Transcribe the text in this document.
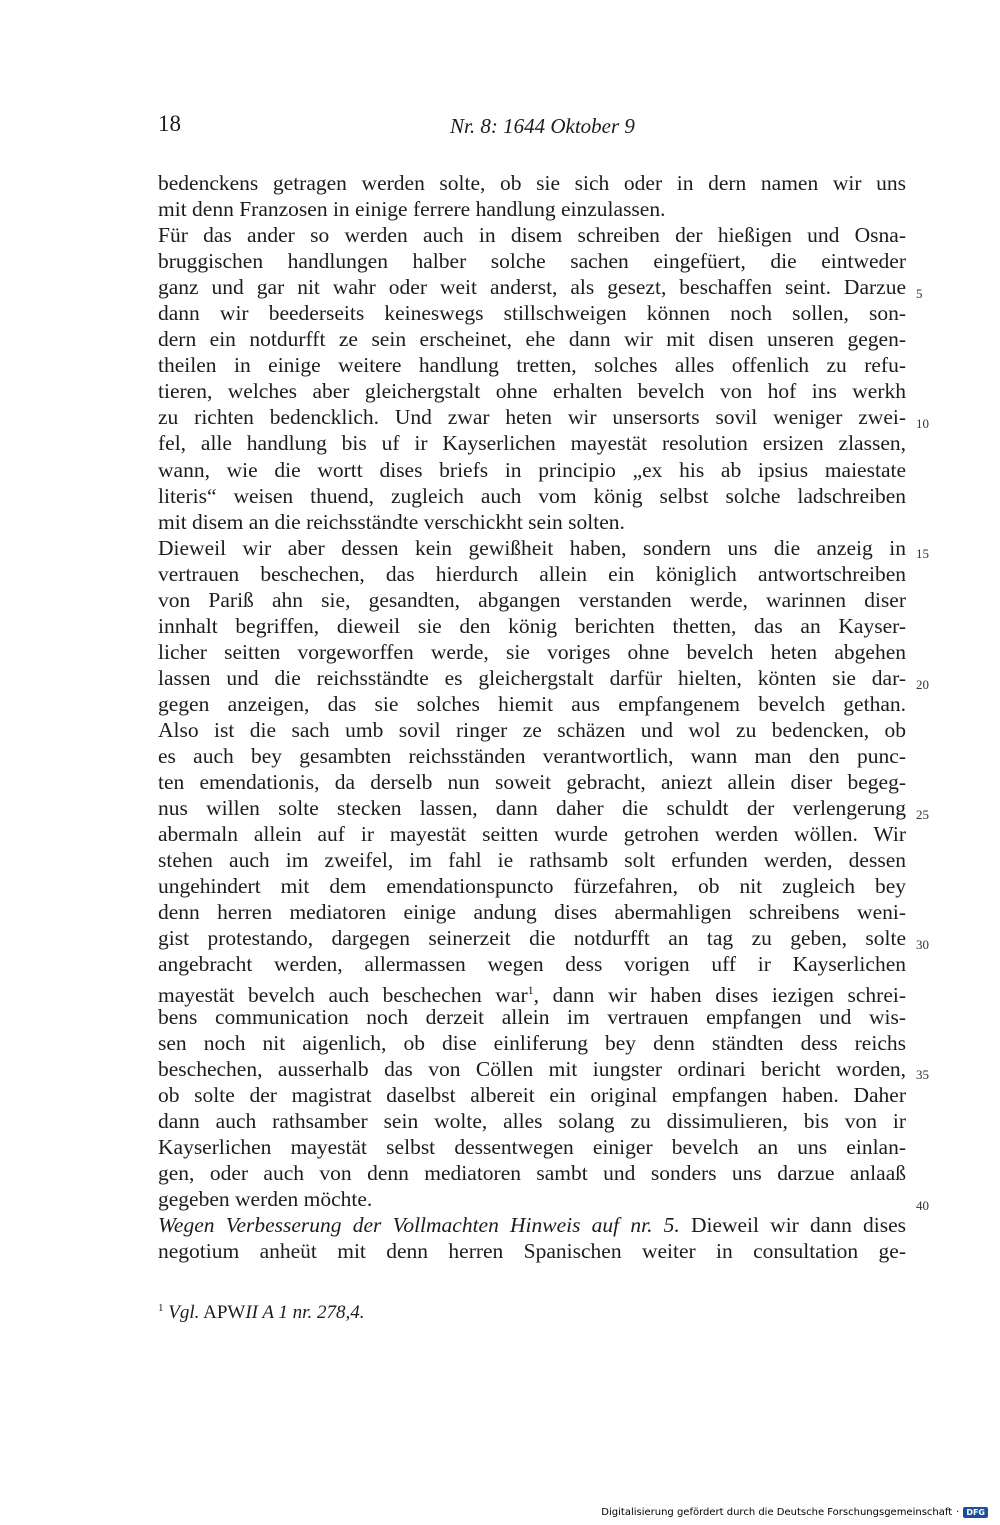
18	Nr. 8: 1644 Oktober 9
bedenckens getragen werden solte, ob sie sich oder in dern namen wir uns
mit denn Franzosen in einige ferrere handlung einzulassen.
Für das ander so werden auch in disem schreiben der hießigen und Osna-
bruggischen handlungen halber solche sachen eingefüert, die eintweder
ganz und gar nit wahr oder weit anderst, als gesezt, beschaffen seint. Darzue
dann wir beederseits keineswegs stillschweigen können noch sollen, son-
dern ein notdurfft ze sein erscheinet, ehe dann wir mit disen unseren gegen-
theilen in einige weitere handlung tretten, solches alles offenlich zu refu-
tieren, welches aber gleichergstalt ohne erhalten bevelch von hof ins werkh
zu richten bedencklich. Und zwar heten wir unsersorts sovil weniger zwei-
fel, alle handlung bis uf ir Kayserlichen mayestät resolution ersizen zlassen,
wann, wie die wortt dises briefs in principio „ex his ab ipsius maiestate
literis“ weisen thuend, zugleich auch vom könig selbst solche ladschreiben
mit disem an die reichsständte verschickht sein solten.
Dieweil wir aber dessen kein gewißheit haben, sondern uns die anzeig in
vertrauen beschechen, das hierdurch allein ein königlich antwortschreiben
von Pariß ahn sie, gesandten, abgangen verstanden werde, warinnen diser
innhalt begriffen, dieweil sie den könig berichten thetten, das an Kayser-
licher seitten vorgeworffen werde, sie voriges ohne bevelch heten abgehen
lassen und die reichsständte es gleichergstalt darfür hielten, könten sie dar-
gegen anzeigen, das sie solches hiemit aus empfangenem bevelch gethan.
Also ist die sach umb sovil ringer ze schäzen und wol zu bedencken, ob
es auch bey gesambten reichsständen verantwortlich, wann man den punc-
ten emendationis, da derselb nun soweit gebracht, aniezt allein diser begeg-
nus willen solte stecken lassen, dann daher die schuldt der verlengerung
abermaln allein auf ir mayestät seitten wurde getrohen werden wöllen. Wir
stehen auch im zweifel, im fahl ie rathsamb solt erfunden werden, dessen
ungehindert mit dem emendationspuncto fürzefahren, ob nit zugleich bey
denn herren mediatoren einige andung dises abermahligen schreibens weni-
gist protestando, dargegen seinerzeit die notdurfft an tag zu geben, solte
angebracht werden, allermassen wegen dess vorigen uff ir Kayserlichen
mayestät bevelch auch beschechen war$^1$, dann wir haben dises iezigen schrei-
bens communication noch derzeit allein im vertrauen empfangen und wis-
sen noch nit aigenlich, ob dise einliferung bey denn ständten dess reichs
beschechen, ausserhalb das von Cöllen mit iungster ordinari bericht worden,
ob solte der magistrat daselbst albereit ein original empfangen haben. Daher
dann auch rathsamber sein wolte, alles solang zu dissimulieren, bis von ir
Kayserlichen mayestät selbst dessentwegen einiger bevelch an uns einlan-
gen, oder auch von denn mediatoren sambt und sonders uns darzue anlaaß
gegeben werden möchte.
Wegen Verbesserung der Vollmachten Hinweis auf nr. 5. Dieweil wir dann dises
negotium anheüt mit denn herren Spanischen weiter in consultation ge-
5
10
15
20
25
30
35
40
$^1$ Vgl. APWII A 1 nr. 278,4.
Digitalisierung gefördert durch die Deutsche Forschungsgemeinschaft · DFG
